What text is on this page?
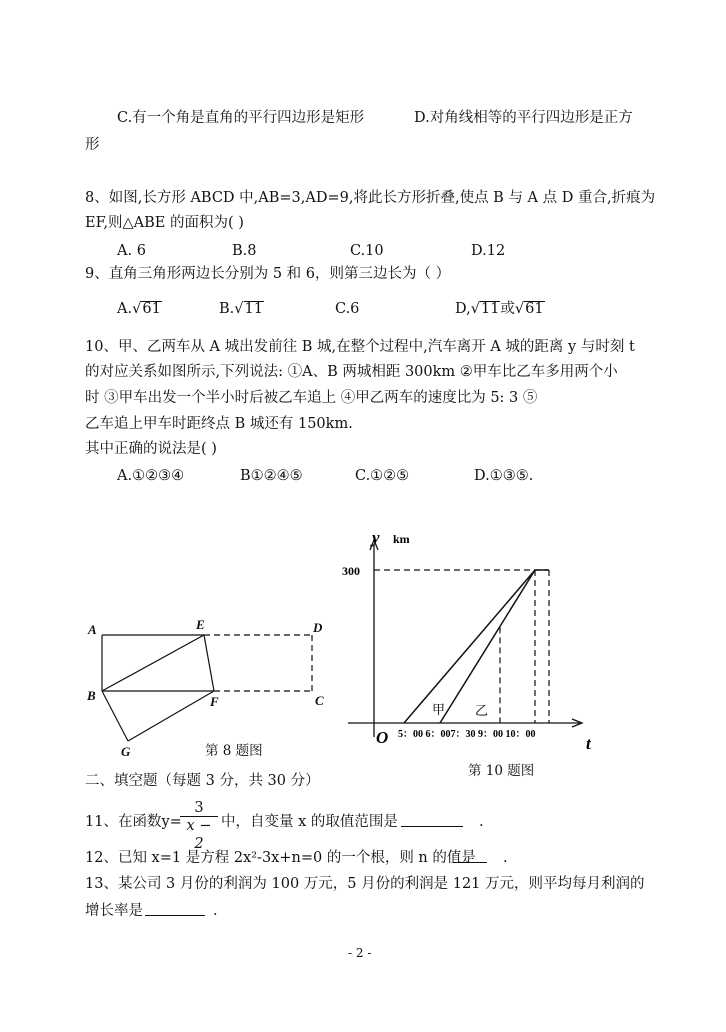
C.有一个角是直角的平行四边形是矩形	D.对角线相等的平行四边形是正方
形
8、如图,长方形 ABCD 中,AB=3,AD=9,将此长方形折叠,使点 B 与 A 点 D 重合,折痕为
EF,则△ABE 的面积为( )
A. 6	B.8	C.10	D.12
9、直角三角形两边长分别为 5 和 6，则第三边长为（ ）
A.√61	B.√11	C.6	D,√11或√61
10、甲、乙两车从 A 城出发前往 B 城,在整个过程中,汽车离开 A 城的距离 y 与时刻 t
的对应关系如图所示,下列说法: ①A、B 两城相距 300km ②甲车比乙车多用两个小
时 ③甲车出发一个半小时后被乙车追上 ④甲乙两车的速度比为 5: 3 ⑤
乙车追上甲车时距终点 B 城还有 150km.
其中正确的说法是( )
A.①②③④	B①②④⑤	C.①②⑤	D.①③⑤.
A	E	D
B	F	C
G	第 8 题图
y km
300
O	t
甲 乙
5：00 6：007：30 9：00 10：00
第 10 题图
二、填空题（每题 3 分，共 30 分）
11、在函数y=
$\frac{3}{x - 2}$ 中，自变量 x 的取值范围是	.
12、已知 x=1 是方程 2x²-3x+n=0 的一个根，则 n 的值是 .
13、某公司 3 月份的利润为 100 万元，5 月份的利润是 121 万元，则平均每月利润的
增长率是	.
- 2 -
